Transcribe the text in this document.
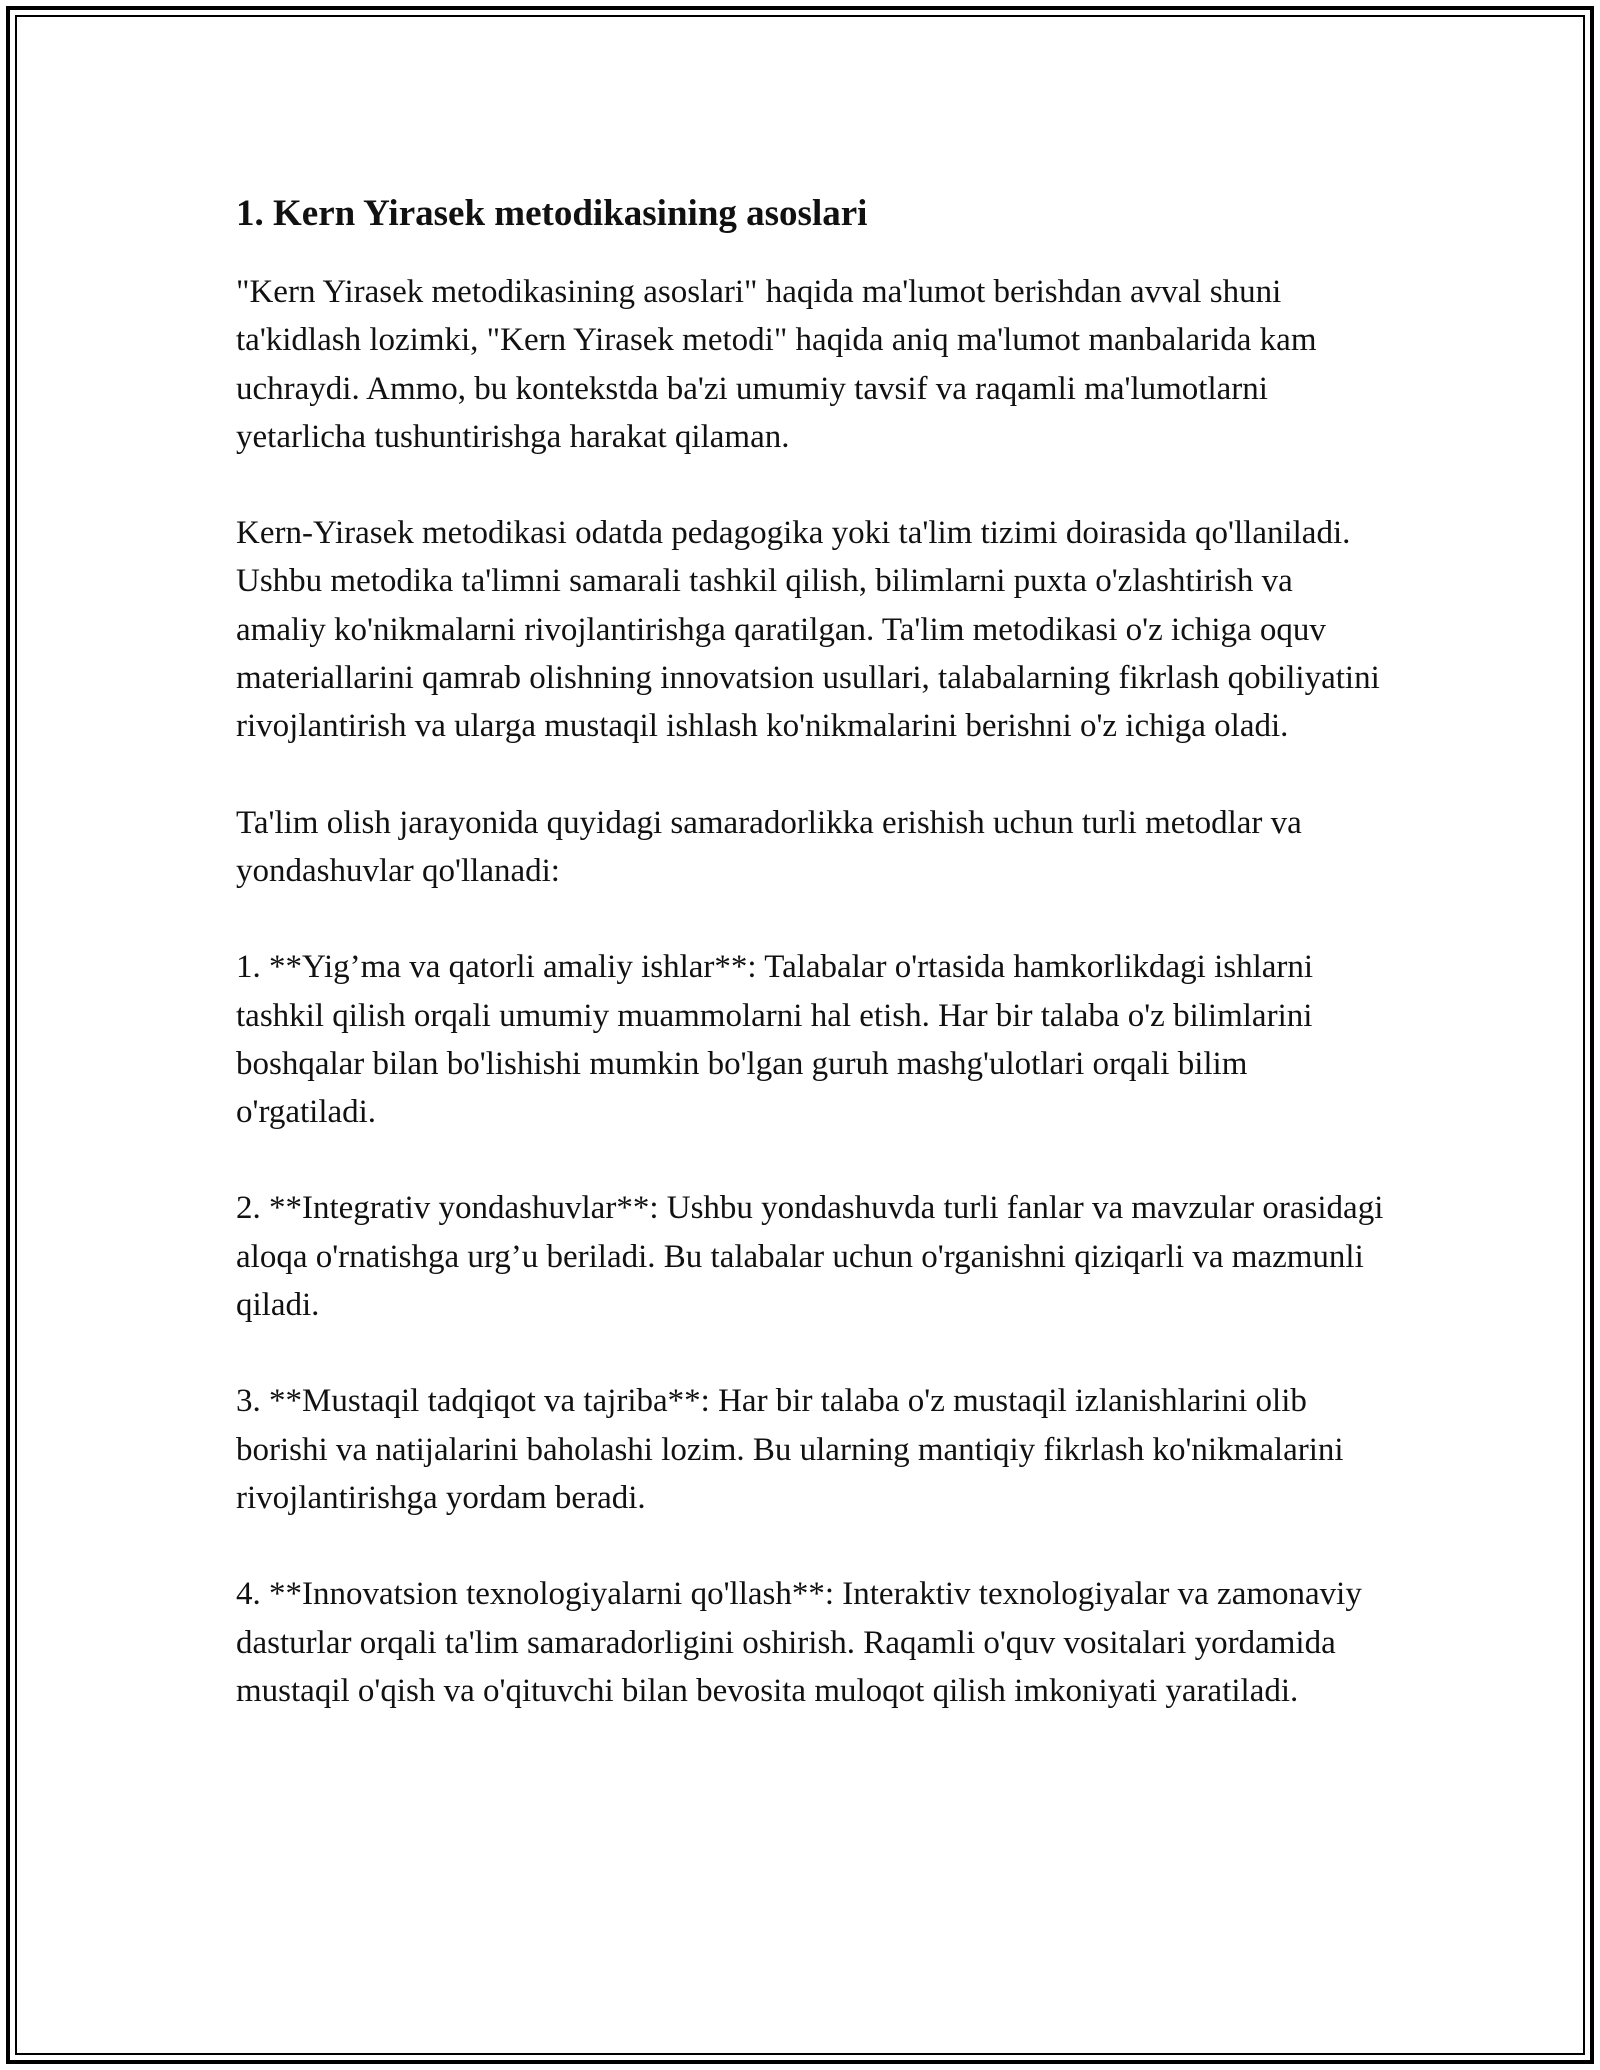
1. Kern Yirasek metodikasining asoslari

"Kern Yirasek metodikasining asoslari" haqida ma'lumot berishdan avval shuni ta'kidlash lozimki, "Kern Yirasek metodi" haqida aniq ma'lumot manbalarida kam uchraydi. Ammo, bu kontekstda ba'zi umumiy tavsif va raqamli ma'lumotlarni yetarlicha tushuntirishga harakat qilaman.

Kern-Yirasek metodikasi odatda pedagogika yoki ta'lim tizimi doirasida qo'llaniladi. Ushbu metodika ta'limni samarali tashkil qilish, bilimlarni puxta o'zlashtirish va amaliy ko'nikmalarni rivojlantirishga qaratilgan. Ta'lim metodikasi o'z ichiga oquv materiallarini qamrab olishning innovatsion usullari, talabalarning fikrlash qobiliyatini rivojlantirish va ularga mustaqil ishlash ko'nikmalarini berishni o'z ichiga oladi.

Ta'lim olish jarayonida quyidagi samaradorlikka erishish uchun turli metodlar va yondashuvlar qo'llanadi:

1. **Yig’ma va qatorli amaliy ishlar**: Talabalar o'rtasida hamkorlikdagi ishlarni tashkil qilish orqali umumiy muammolarni hal etish. Har bir talaba o'z bilimlarini boshqalar bilan bo'lishishi mumkin bo'lgan guruh mashg'ulotlari orqali bilim o'rgatiladi.

2. **Integrativ yondashuvlar**: Ushbu yondashuvda turli fanlar va mavzular orasidagi aloqa o'rnatishga urg’u beriladi. Bu talabalar uchun o'rganishni qiziqarli va mazmunli qiladi.

3. **Mustaqil tadqiqot va tajriba**: Har bir talaba o'z mustaqil izlanishlarini olib borishi va natijalarini baholashi lozim. Bu ularning mantiqiy fikrlash ko'nikmalarini rivojlantirishga yordam beradi.

4. **Innovatsion texnologiyalarni qo'llash**: Interaktiv texnologiyalar va zamonaviy dasturlar orqali ta'lim samaradorligini oshirish. Raqamli o'quv vositalari yordamida mustaqil o'qish va o'qituvchi bilan bevosita muloqot qilish imkoniyati yaratiladi.
